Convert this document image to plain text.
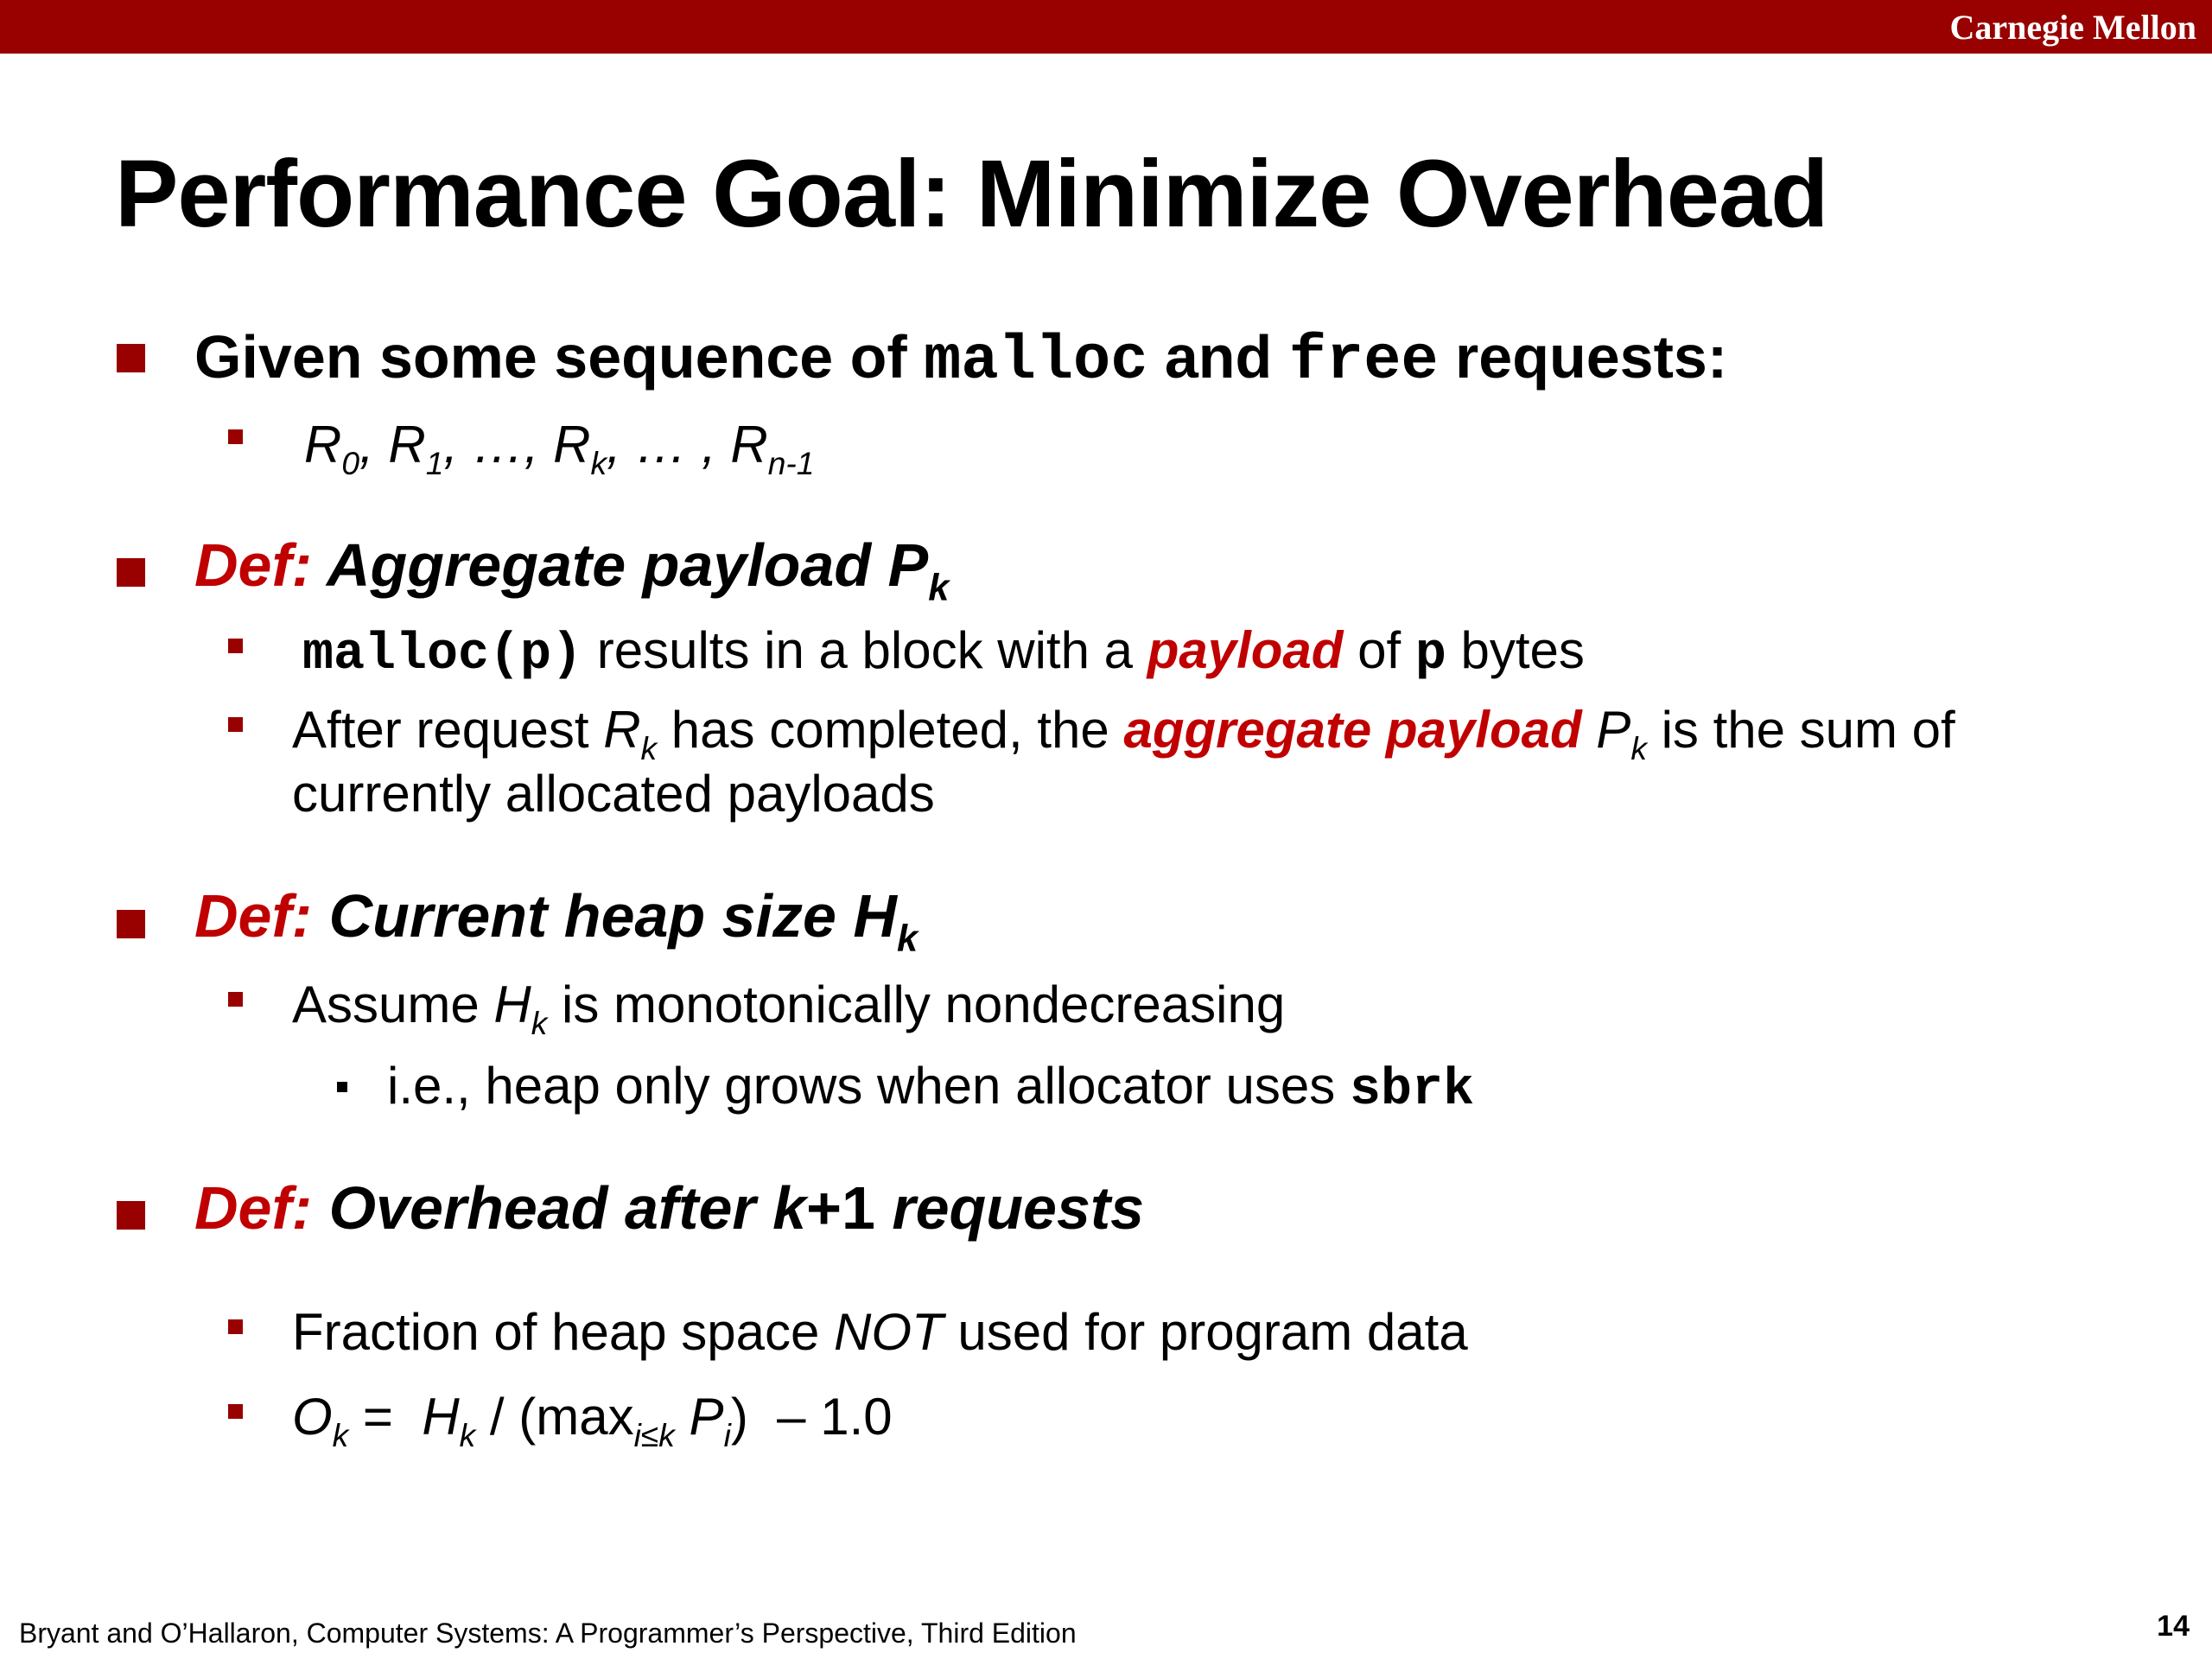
Carnegie Mellon
Performance Goal: Minimize Overhead
Given some sequence of malloc and free requests:
$R_0$, $R_1$, …, $R_k$, … , $R_{n-1}$
Def: Aggregate payload $P_k$
malloc(p) results in a block with a payload of p bytes
After request $R_k$ has completed, the aggregate payload $P_k$ is the sum of
currently allocated payloads
Def: Current heap size $H_k$
Assume $H_k$ is monotonically nondecreasing
i.e., heap only grows when allocator uses sbrk
Def: Overhead after k+1 requests
Fraction of heap space NOT used for program data
$O_k = H_k / (\max_{i\le k}$ $P_i) - 1.0$
Bryant and O’Hallaron, Computer Systems: A Programmer’s Perspective, Third Edition	14
